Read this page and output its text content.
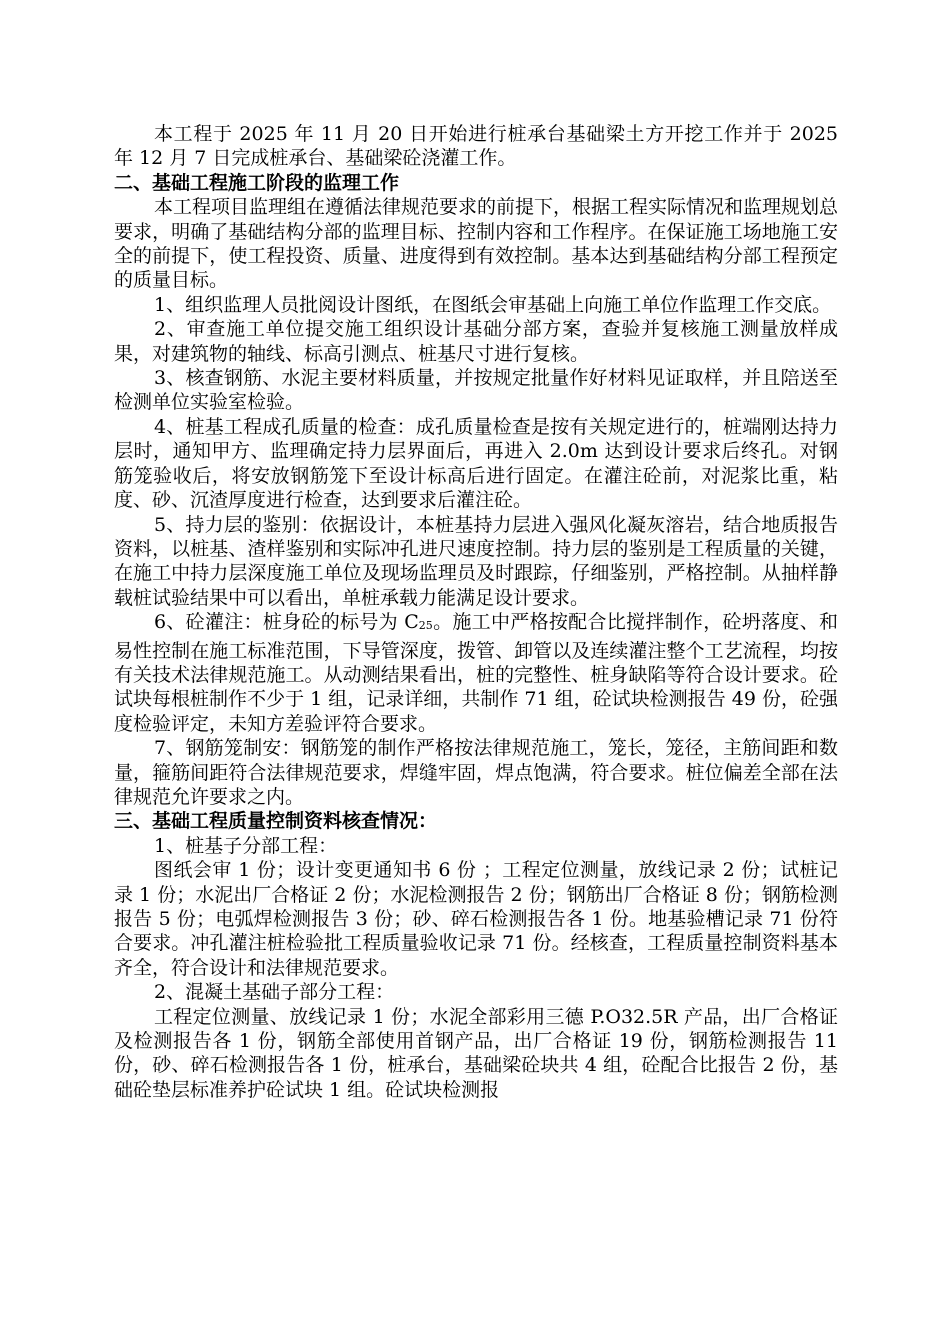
本工程于 2025 年 11 月 20 日开始进行桩承台基础梁土方开挖工作并于 2025 年 12 月 7 日完成桩承台、基础梁砼浇灌工作。

二、基础工程施工阶段的监理工作

本工程项目监理组在遵循法律规范要求的前提下，根据工程实际情况和监理规划总要求，明确了基础结构分部的监理目标、控制内容和工作程序。在保证施工场地施工安全的前提下，使工程投资、质量、进度得到有效控制。基本达到基础结构分部工程预定的质量目标。

1、组织监理人员批阅设计图纸，在图纸会审基础上向施工单位作监理工作交底。

2、审查施工单位提交施工组织设计基础分部方案，查验并复核施工测量放样成果，对建筑物的轴线、标高引测点、桩基尺寸进行复核。

3、核查钢筋、水泥主要材料质量，并按规定批量作好材料见证取样，并且陪送至检测单位实验室检验。

4、桩基工程成孔质量的检查：成孔质量检查是按有关规定进行的，桩端刚达持力层时，通知甲方、监理确定持力层界面后，再进入 2.0m 达到设计要求后终孔。对钢筋笼验收后，将安放钢筋笼下至设计标高后进行固定。在灌注砼前，对泥浆比重，粘度、砂、沉渣厚度进行检查，达到要求后灌注砼。

5、持力层的鉴别：依据设计，本桩基持力层进入强风化凝灰溶岩，结合地质报告资料，以桩基、渣样鉴别和实际冲孔进尺速度控制。持力层的鉴别是工程质量的关键，在施工中持力层深度施工单位及现场监理员及时跟踪，仔细鉴别，严格控制。从抽样静载桩试验结果中可以看出，单桩承载力能满足设计要求。

6、砼灌注：桩身砼的标号为 $C_{25}$。施工中严格按配合比搅拌制作，砼坍落度、和易性控制在施工标准范围，下导管深度，拨管、卸管以及连续灌注整个工艺流程，均按有关技术法律规范施工。从动测结果看出，桩的完整性、桩身缺陷等符合设计要求。砼试块每根桩制作不少于 1 组，记录详细，共制作 71 组，砼试块检测报告 49 份，砼强度检验评定，未知方差验评符合要求。

7、钢筋笼制安：钢筋笼的制作严格按法律规范施工，笼长，笼径，主筋间距和数量，箍筋间距符合法律规范要求，焊缝牢固，焊点饱满，符合要求。桩位偏差全部在法律规范允许要求之内。

三、基础工程质量控制资料核查情况：

1、桩基子分部工程：

图纸会审 1 份；设计变更通知书 6 份 ；工程定位测量，放线记录 2 份；试桩记录 1 份；水泥出厂合格证 2 份；水泥检测报告 2 份；钢筋出厂合格证 8 份；钢筋检测报告 5 份；电弧焊检测报告 3 份；砂、碎石检测报告各 1 份。地基验槽记录 71 份符合要求。冲孔灌注桩检验批工程质量验收记录 71 份。经核查，工程质量控制资料基本齐全，符合设计和法律规范要求。

2、混凝土基础子部分工程：

工程定位测量、放线记录 1 份；水泥全部彩用三德 P.O32.5R 产品，出厂合格证及检测报告各 1 份，钢筋全部使用首钢产品，出厂合格证 19 份，钢筋检测报告 11 份，砂、碎石检测报告各 1 份，桩承台，基础梁砼块共 4 组，砼配合比报告 2 份，基础砼垫层标准养护砼试块 1 组。砼试块检测报
